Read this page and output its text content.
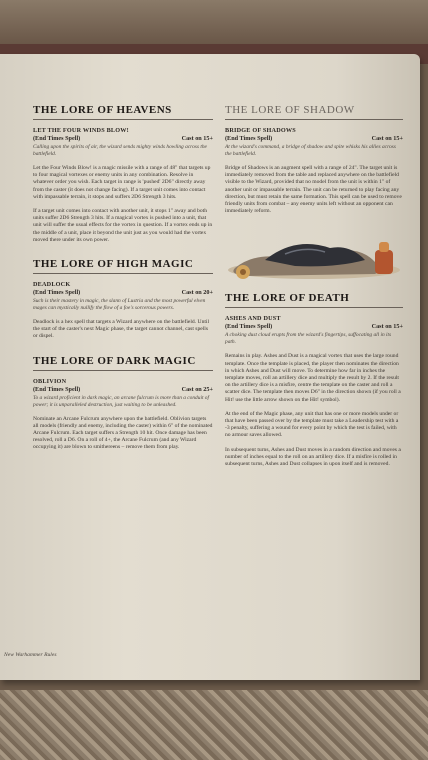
THE LORE OF HEAVENS

LET THE FOUR WINDS BLOW!

(End Times Spell)	Cast on 15+

Calling upon the spirits of air, the wizard sends mighty winds howling across the battlefield.

Let the Four Winds Blow! is a magic missile with a range of 48" that targets up to four magical vortexes or enemy units in any combination. Resolve in whatever order you wish. Each target in range is 'pushed' 2D6" directly away from the caster (it does not change facing). If a target unit comes into contact with impassable terrain, it stops and suffers 2D6 Strength 3 hits.

If a target unit comes into contact with another unit, it stops 1" away and both units suffer 2D6 Strength 3 hits. If a magical vortex is pushed into a unit, that unit will suffer the usual effects for the vortex in question. If a vortex ends up in the middle of a unit, place it beyond the unit just as you would had the vortex moved there under its own power.

THE LORE OF HIGH MAGIC

DEADLOCK

(End Times Spell)	Cast on 20+

Such is their mastery in magic, the slann of Lustria and the most powerful elven mages can mystically nullify the flow of a foe's sorcerous powers.

Deadlock is a hex spell that targets a Wizard anywhere on the battlefield. Until the start of the caster's next Magic phase, the target cannot channel, cast spells or dispel.

THE LORE OF DARK MAGIC

OBLIVION

(End Times Spell)	Cast on 25+

To a wizard proficient in dark magic, an arcane fulcrum is more than a conduit of power; it is unparalleled destruction, just waiting to be unleashed.

Nominate an Arcane Fulcrum anywhere upon the battlefield. Oblivion targets all models (friendly and enemy, including the caster) within 6" of the nominated Arcane Fulcrum. Each target suffers a Strength 10 hit. Once damage has been resolved, roll a D6. On a roll of 4+, the Arcane Fulcrum (and any Wizard occupying it) are blown to smithereens – remove them from play.

THE LORE OF SHADOW

BRIDGE OF SHADOWS

(End Times Spell)	Cast on 15+

At the wizard's command, a bridge of shadow and spite whisks his allies across the battlefield.

Bridge of Shadows is an augment spell with a range of 24". The target unit is immediately removed from the table and replaced anywhere on the battlefield visible to the Wizard, provided that no model from the unit is within 1" of another unit or impassable terrain. The unit can be returned to play facing any direction, but must retain the same formation. This spell can be used to remove friendly units from combat – any enemy units left without an opponent can immediately reform.

THE LORE OF DEATH

ASHES AND DUST

(End Times Spell)	Cast on 15+

A choking dust cloud erupts from the wizard's fingertips, suffocating all in its path.

Remains in play. Ashes and Dust is a magical vortex that uses the large round template. Once the template is placed, the player then nominates the direction in which Ashes and Dust will move. To determine how far in inches the template moves, roll an artillery dice and multiply the result by 2. If the result on the artillery dice is a misfire, centre the template on the caster and roll a scatter dice. The template then moves D6" in the direction shown (if you roll a Hit! use the little arrow shown on the Hit! symbol).

At the end of the Magic phase, any unit that has one or more models under or that have been passed over by the template must take a Leadership test with a -3 penalty, suffering a wound for every point by which the test is failed, with no armour saves allowed.

In subsequent turns, Ashes and Dust moves in a random direction and moves a number of inches equal to the roll on an artillery dice. If a misfire is rolled in subsequent turns, Ashes and Dust collapses in upon itself and is removed.

New Warhammer Rules
